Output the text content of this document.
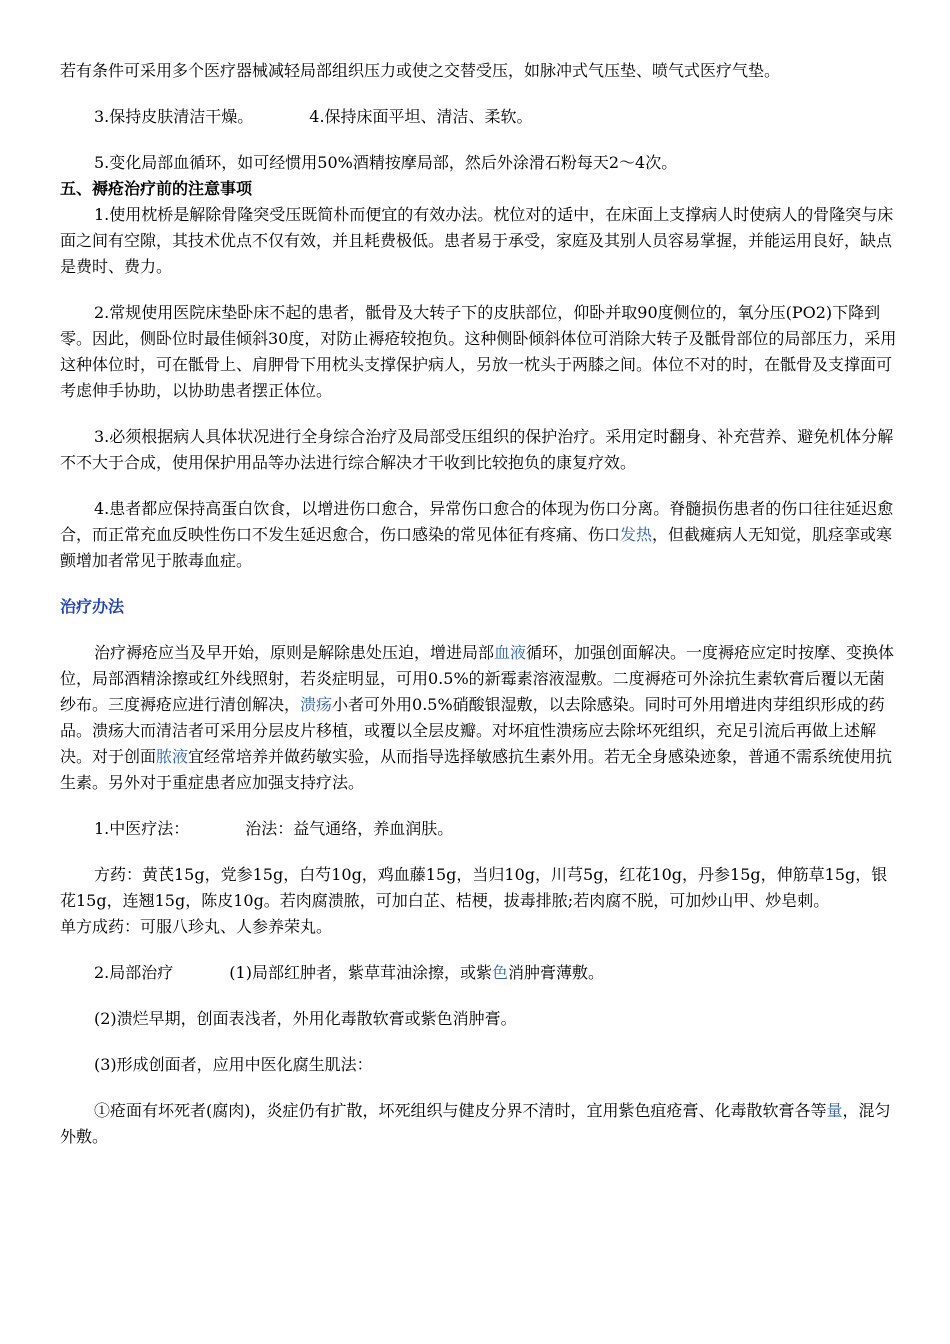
若有条件可采用多个医疗器械减轻局部组织压力或使之交替受压，如脉冲式气压垫、喷气式医疗气垫。

3.保持皮肤清洁干燥。	4.保持床面平坦、清洁、柔软。

5.变化局部血循环，如可经惯用50%酒精按摩局部，然后外涂滑石粉每天2～4次。

五、褥疮治疗前的注意事项

1.使用枕桥是解除骨隆突受压既简朴而便宜的有效办法。枕位对的适中，在床面上支撑病人时使病人的骨隆突与床面之间有空隙，其技术优点不仅有效，并且耗费极低。患者易于承受，家庭及其别人员容易掌握，并能运用良好，缺点是费时、费力。

2.常规使用医院床垫卧床不起的患者，骶骨及大转子下的皮肤部位，仰卧并取90度侧位的，氧分压(PO2)下降到零。因此，侧卧位时最佳倾斜30度，对防止褥疮较抱负。这种侧卧倾斜体位可消除大转子及骶骨部位的局部压力，采用这种体位时，可在骶骨上、肩胛骨下用枕头支撑保护病人，另放一枕头于两膝之间。体位不对的时，在骶骨及支撑面可考虑伸手协助，以协助患者摆正体位。

3.必须根据病人具体状况进行全身综合治疗及局部受压组织的保护治疗。采用定时翻身、补充营养、避免机体分解不不大于合成，使用保护用品等办法进行综合解决才干收到比较抱负的康复疗效。

4.患者都应保持高蛋白饮食，以增进伤口愈合，异常伤口愈合的体现为伤口分离。脊髓损伤患者的伤口往往延迟愈合，而正常充血反映性伤口不发生延迟愈合，伤口感染的常见体征有疼痛、伤口发热，但截瘫病人无知觉，肌痉挛或寒颤增加者常见于脓毒血症。

治疗办法

治疗褥疮应当及早开始，原则是解除患处压迫，增进局部血液循环，加强创面解决。一度褥疮应定时按摩、变换体位，局部酒精涂擦或红外线照射，若炎症明显，可用0.5%的新霉素溶液湿敷。二度褥疮可外涂抗生素软膏后覆以无菌纱布。三度褥疮应进行清创解决，溃疡小者可外用0.5%硝酸银湿敷，以去除感染。同时可外用增进肉芽组织形成的药品。溃疡大而清洁者可采用分层皮片移植，或覆以全层皮瓣。对坏疽性溃疡应去除坏死组织，充足引流后再做上述解决。对于创面脓液宜经常培养并做药敏实验，从而指导选择敏感抗生素外用。若无全身感染迹象，普通不需系统使用抗生素。另外对于重症患者应加强支持疗法。

1.中医疗法：	治法：益气通络，养血润肤。

方药：黄芪15g，党参15g，白芍10g，鸡血藤15g，当归10g，川芎5g，红花10g，丹参15g，伸筋草15g，银花15g，连翘15g，陈皮10g。若肉腐溃脓，可加白芷、桔梗，拔毒排脓;若肉腐不脱，可加炒山甲、炒皂刺。单方成药：可服八珍丸、人参养荣丸。

2.局部治疗	(1)局部红肿者，紫草茸油涂擦，或紫色消肿膏薄敷。

(2)溃烂早期，创面表浅者，外用化毒散软膏或紫色消肿膏。

(3)形成创面者，应用中医化腐生肌法：

①疮面有坏死者(腐肉)，炎症仍有扩散，坏死组织与健皮分界不清时，宜用紫色疽疮膏、化毒散软膏各等量，混匀外敷。
